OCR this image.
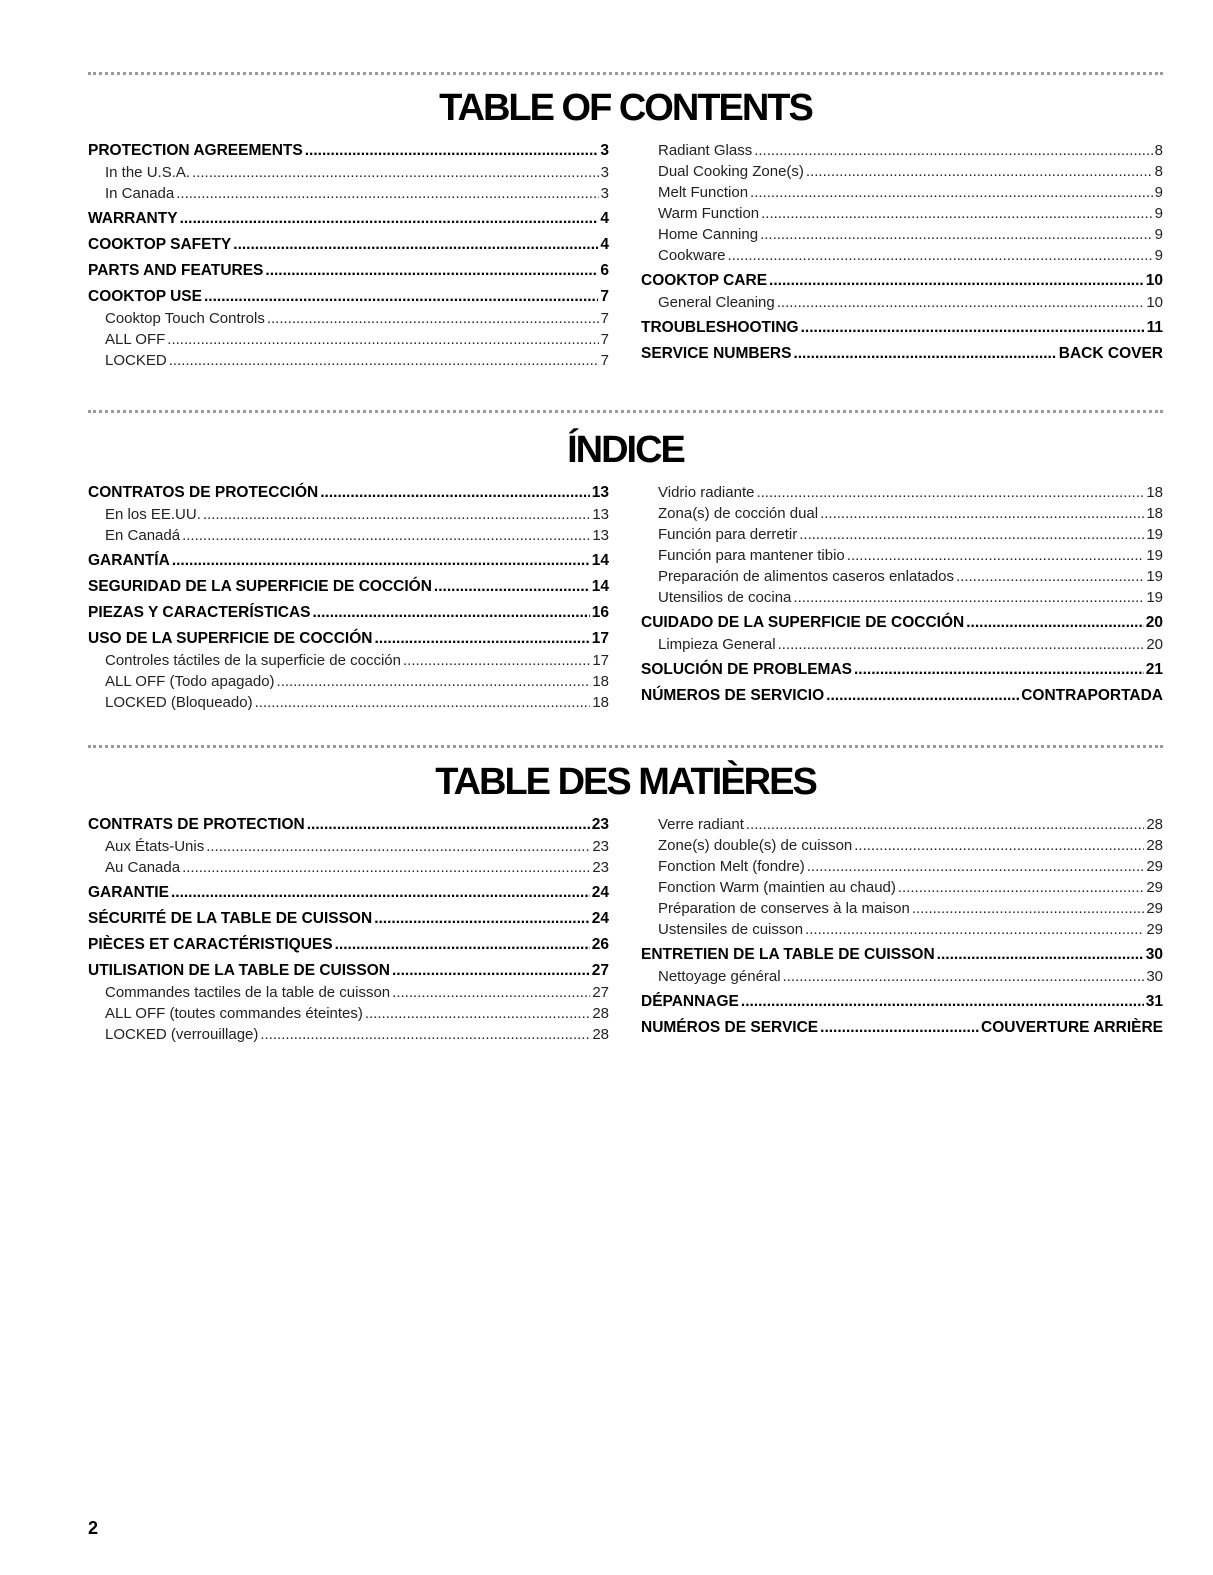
TABLE OF CONTENTS
PROTECTION AGREEMENTS .....	3
In the U.S.A. .....	3
In Canada .....	3
WARRANTY .....	4
COOKTOP SAFETY .....	4
PARTS AND FEATURES .....	6
COOKTOP USE .....	7
Cooktop Touch Controls .....	7
ALL OFF .....	7
LOCKED .....	7
Radiant Glass .....	8
Dual Cooking Zone(s) .....	8
Melt Function .....	9
Warm Function .....	9
Home Canning .....	9
Cookware .....	9
COOKTOP CARE .....	10
General Cleaning .....	10
TROUBLESHOOTING .....	11
SERVICE NUMBERS .....	BACK COVER
ÍNDICE
CONTRATOS DE PROTECCIÓN .....	13
En los EE.UU. .....	13
En Canadá .....	13
GARANTÍA .....	14
SEGURIDAD DE LA SUPERFICIE DE COCCIÓN .....	14
PIEZAS Y CARACTERÍSTICAS .....	16
USO DE LA SUPERFICIE DE COCCIÓN .....	17
Controles táctiles de la superficie de cocción .....	17
ALL OFF (Todo apagado) .....	18
LOCKED (Bloqueado) .....	18
Vidrio radiante .....	18
Zona(s) de cocción dual .....	18
Función para derretir .....	19
Función para mantener tibio .....	19
Preparación de alimentos caseros enlatados .....	19
Utensilios de cocina .....	19
CUIDADO DE LA SUPERFICIE DE COCCIÓN .....	20
Limpieza General .....	20
SOLUCIÓN DE PROBLEMAS .....	21
NÚMEROS DE SERVICIO .....	CONTRAPORTADA
TABLE DES MATIÈRES
CONTRATS DE PROTECTION .....	23
Aux États-Unis .....	23
Au Canada .....	23
GARANTIE .....	24
SÉCURITÉ DE LA TABLE DE CUISSON .....	24
PIÈCES ET CARACTÉRISTIQUES .....	26
UTILISATION DE LA TABLE DE CUISSON .....	27
Commandes tactiles de la table de cuisson .....	27
ALL OFF (toutes commandes éteintes) .....	28
LOCKED (verrouillage) .....	28
Verre radiant .....	28
Zone(s) double(s) de cuisson .....	28
Fonction Melt (fondre) .....	29
Fonction Warm (maintien au chaud) .....	29
Préparation de conserves à la maison .....	29
Ustensiles de cuisson .....	29
ENTRETIEN DE LA TABLE DE CUISSON .....	30
Nettoyage général .....	30
DÉPANNAGE .....	31
NUMÉROS DE SERVICE .....	COUVERTURE ARRIÈRE
2
